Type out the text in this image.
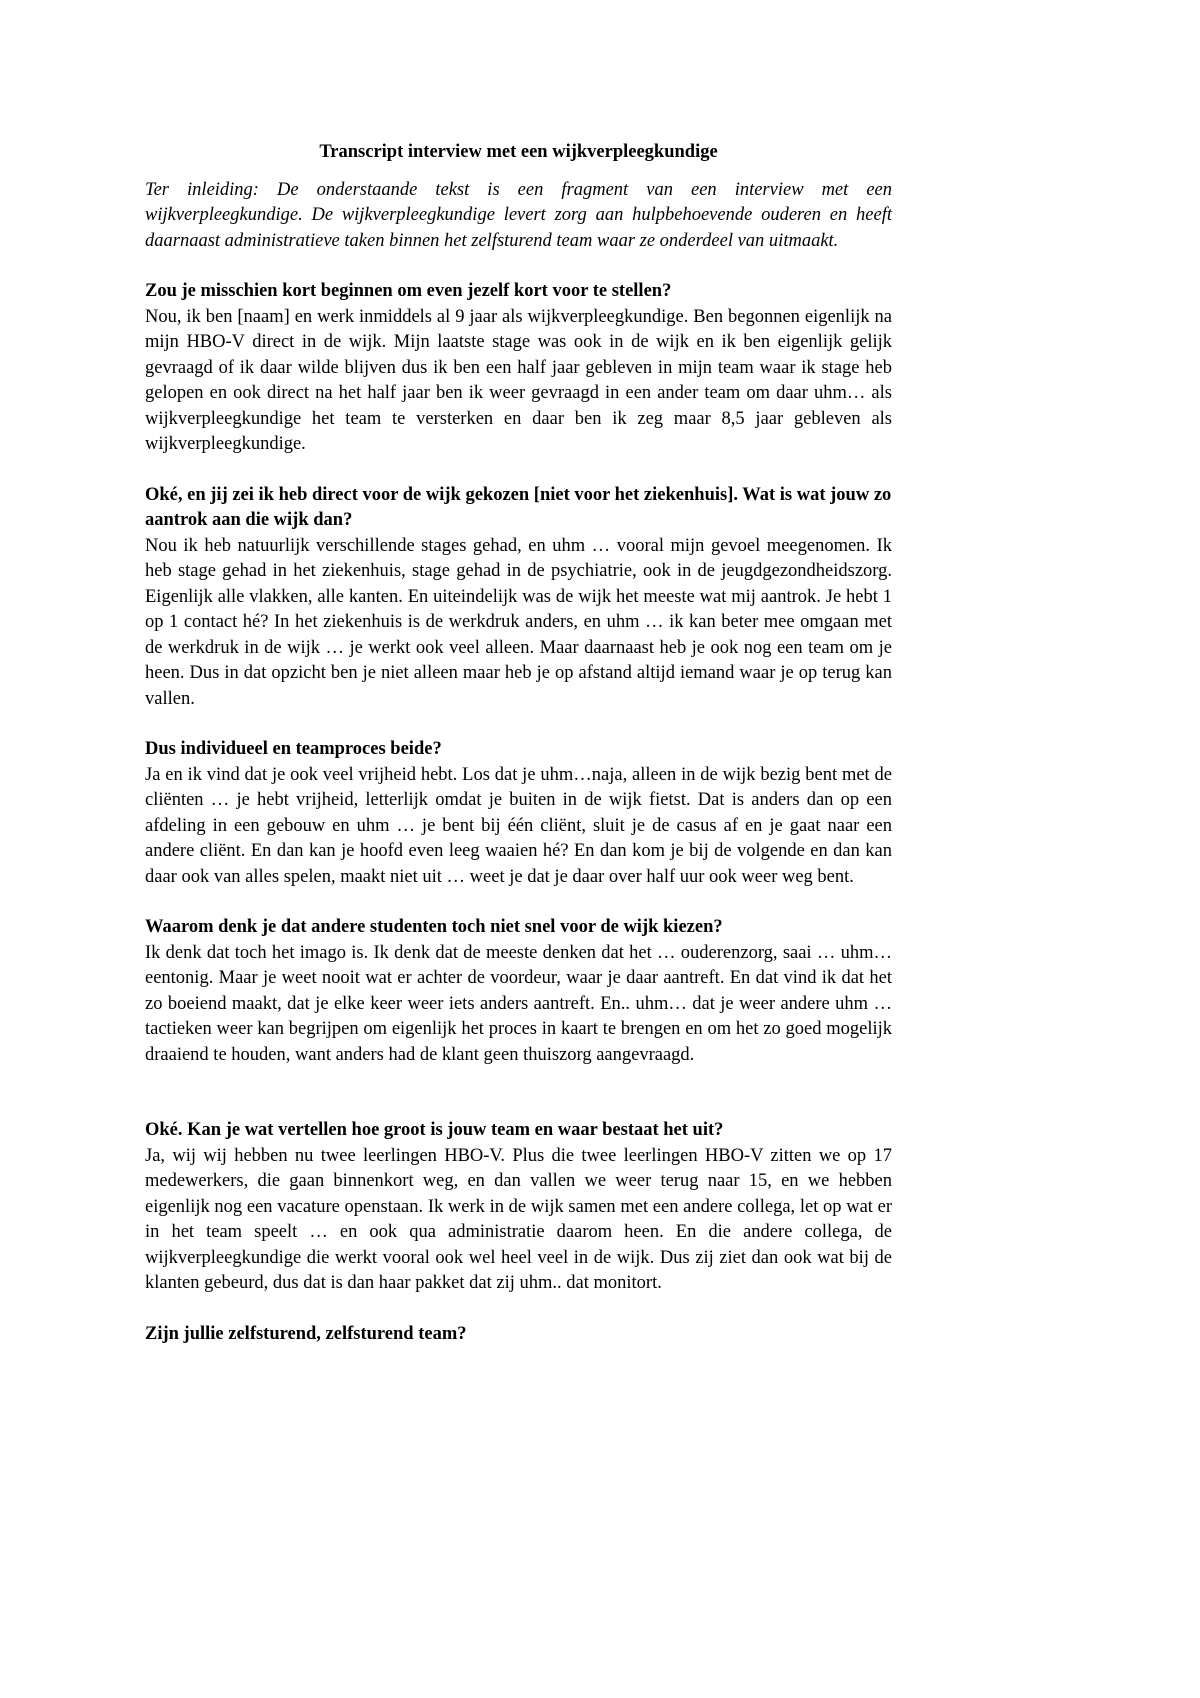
Transcript interview met een wijkverpleegkundige

Ter inleiding: De onderstaande tekst is een fragment van een interview met een wijkverpleegkundige. De wijkverpleegkundige levert zorg aan hulpbehoevende ouderen en heeft daarnaast administratieve taken binnen het zelfsturend team waar ze onderdeel van uitmaakt.

Zou je misschien kort beginnen om even jezelf kort voor te stellen?

Nou, ik ben [naam] en werk inmiddels al 9 jaar als wijkverpleegkundige. Ben begonnen eigenlijk na mijn HBO-V direct in de wijk. Mijn laatste stage was ook in de wijk en ik ben eigenlijk gelijk gevraagd of ik daar wilde blijven dus ik ben een half jaar gebleven in mijn team waar ik stage heb gelopen en ook direct na het half jaar ben ik weer gevraagd in een ander team om daar uhm… als wijkverpleegkundige het team te versterken en daar ben ik zeg maar 8,5 jaar gebleven als wijkverpleegkundige.

Oké, en jij zei ik heb direct voor de wijk gekozen [niet voor het ziekenhuis]. Wat is wat jouw zo aantrok aan die wijk dan?

Nou ik heb natuurlijk verschillende stages gehad, en uhm … vooral mijn gevoel meegenomen. Ik heb stage gehad in het ziekenhuis, stage gehad in de psychiatrie, ook in de jeugdgezondheidszorg. Eigenlijk alle vlakken, alle kanten. En uiteindelijk was de wijk het meeste wat mij aantrok. Je hebt 1 op 1 contact hé? In het ziekenhuis is de werkdruk anders, en uhm … ik kan beter mee omgaan met de werkdruk in de wijk … je werkt ook veel alleen. Maar daarnaast heb je ook nog een team om je heen. Dus in dat opzicht ben je niet alleen maar heb je op afstand altijd iemand waar je op terug kan vallen.

Dus individueel en teamproces beide?

Ja en ik vind dat je ook veel vrijheid hebt. Los dat je uhm…naja, alleen in de wijk bezig bent met de cliënten … je hebt vrijheid, letterlijk omdat je buiten in de wijk fietst. Dat is anders dan op een afdeling in een gebouw en uhm … je bent bij één cliënt, sluit je de casus af en je gaat naar een andere cliënt. En dan kan je hoofd even leeg waaien hé? En dan kom je bij de volgende en dan kan daar ook van alles spelen, maakt niet uit … weet je dat je daar over half uur ook weer weg bent.

Waarom denk je dat andere studenten toch niet snel voor de wijk kiezen?

Ik denk dat toch het imago is. Ik denk dat de meeste denken dat het … ouderenzorg, saai … uhm… eentonig. Maar je weet nooit wat er achter de voordeur, waar je daar aantreft. En dat vind ik dat het zo boeiend maakt, dat je elke keer weer iets anders aantreft. En.. uhm… dat je weer andere uhm … tactieken weer kan begrijpen om eigenlijk het proces in kaart te brengen en om het zo goed mogelijk draaiend te houden, want anders had de klant geen thuiszorg aangevraagd.

Oké. Kan je wat vertellen hoe groot is jouw team en waar bestaat het uit?

Ja, wij wij hebben nu twee leerlingen HBO-V. Plus die twee leerlingen HBO-V zitten we op 17 medewerkers, die gaan binnenkort weg, en dan vallen we weer terug naar 15, en we hebben eigenlijk nog een vacature openstaan. Ik werk in de wijk samen met een andere collega, let op wat er in het team speelt … en ook qua administratie daarom heen. En die andere collega, de wijkverpleegkundige die werkt vooral ook wel heel veel in de wijk. Dus zij ziet dan ook wat bij de klanten gebeurd, dus dat is dan haar pakket dat zij uhm.. dat monitort.

Zijn jullie zelfsturend, zelfsturend team?
